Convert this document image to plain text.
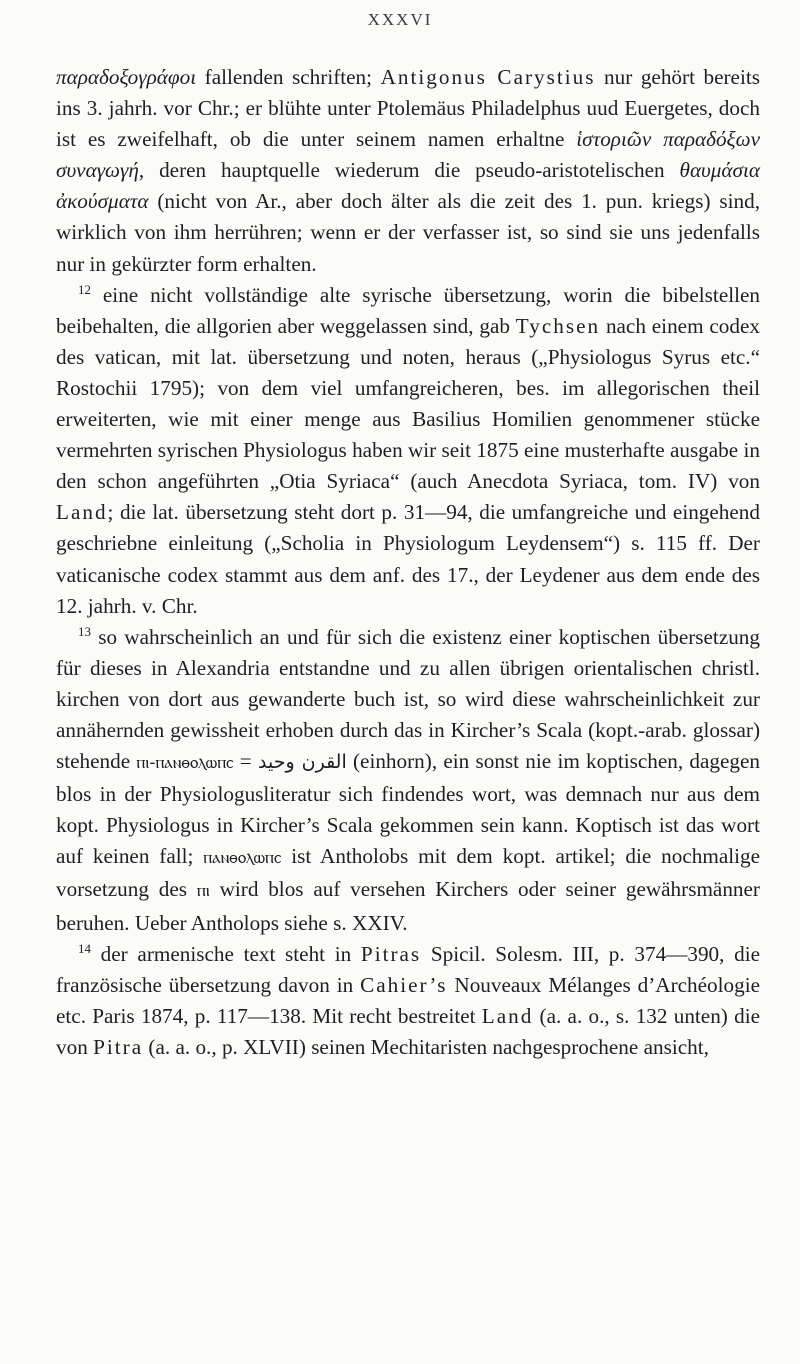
XXXVI

παραδοξογράφοι fallenden schriften; Antigonus Carystius nur gehört bereits ins 3. jahrh. vor Chr.; er blühte unter Ptolemäus Philadelphus uud Euergetes, doch ist es zweifelhaft, ob die unter seinem namen erhaltne ἱστοριῶν παραδόξων συναγωγή, deren hauptquelle wiederum die pseudo-aristotelischen θαυμάσια ἀκούσματα (nicht von Ar., aber doch älter als die zeit des 1. pun. kriegs) sind, wirklich von ihm herrühren; wenn er der verfasser ist, so sind sie uns jedenfalls nur in gekürzter form erhalten.

$^{12}$ eine nicht vollständige alte syrische übersetzung, worin die bibelstellen beibehalten, die allgorien aber weggelassen sind, gab Tychsen nach einem codex des vatican, mit lat. übersetzung und noten, heraus („Physiologus Syrus etc.“ Rostochii 1795); von dem viel umfangreicheren, bes. im allegorischen theil erweiterten, wie mit einer menge aus Basilius Homilien genommener stücke vermehrten syrischen Physiologus haben wir seit 1875 eine musterhafte ausgabe in den schon angeführten „Otia Syriaca“ (auch Anecdota Syriaca, tom. IV) von Land; die lat. übersetzung steht dort p. 31—94, die umfangreiche und eingehend geschriebne einleitung („Scholia in Physiologum Leydensem“) s. 115 ff. Der vaticanische codex stammt aus dem anf. des 17., der Leydener aus dem ende des 12. jahrh. v. Chr.

$^{13}$ so wahrscheinlich an und für sich die existenz einer koptischen übersetzung für dieses in Alexandria entstandne und zu allen übrigen orientalischen christl. kirchen von dort aus gewanderte buch ist, so wird diese wahrscheinlichkeit zur annähernden gewissheit erhoben durch das in Kircher’s Scala (kopt.-arab. glossar) stehende ⲡⲓ-ⲡⲁⲛⲑⲟⲗⲱⲡⲥ = القرن وحيد (einhorn), ein sonst nie im koptischen, dagegen blos in der Physiologusliteratur sich findendes wort, was demnach nur aus dem kopt. Physiologus in Kircher’s Scala gekommen sein kann. Koptisch ist das wort auf keinen fall; ⲡⲁⲛⲑⲟⲗⲱⲡⲥ ist Antholobs mit dem kopt. artikel; die nochmalige vorsetzung des ⲡⲓ wird blos auf versehen Kirchers oder seiner gewährsmänner beruhen. Ueber Antholops siehe s. XXIV.

$^{14}$ der armenische text steht in Pitras Spicil. Solesm. III, p. 374—390, die französische übersetzung davon in Cahier’s Nouveaux Mélanges d’Archéologie etc. Paris 1874, p. 117—138. Mit recht bestreitet Land (a. a. o., s. 132 unten) die von Pitra (a. a. o., p. XLVII) seinen Mechitaristen nachgesprochene ansicht,
